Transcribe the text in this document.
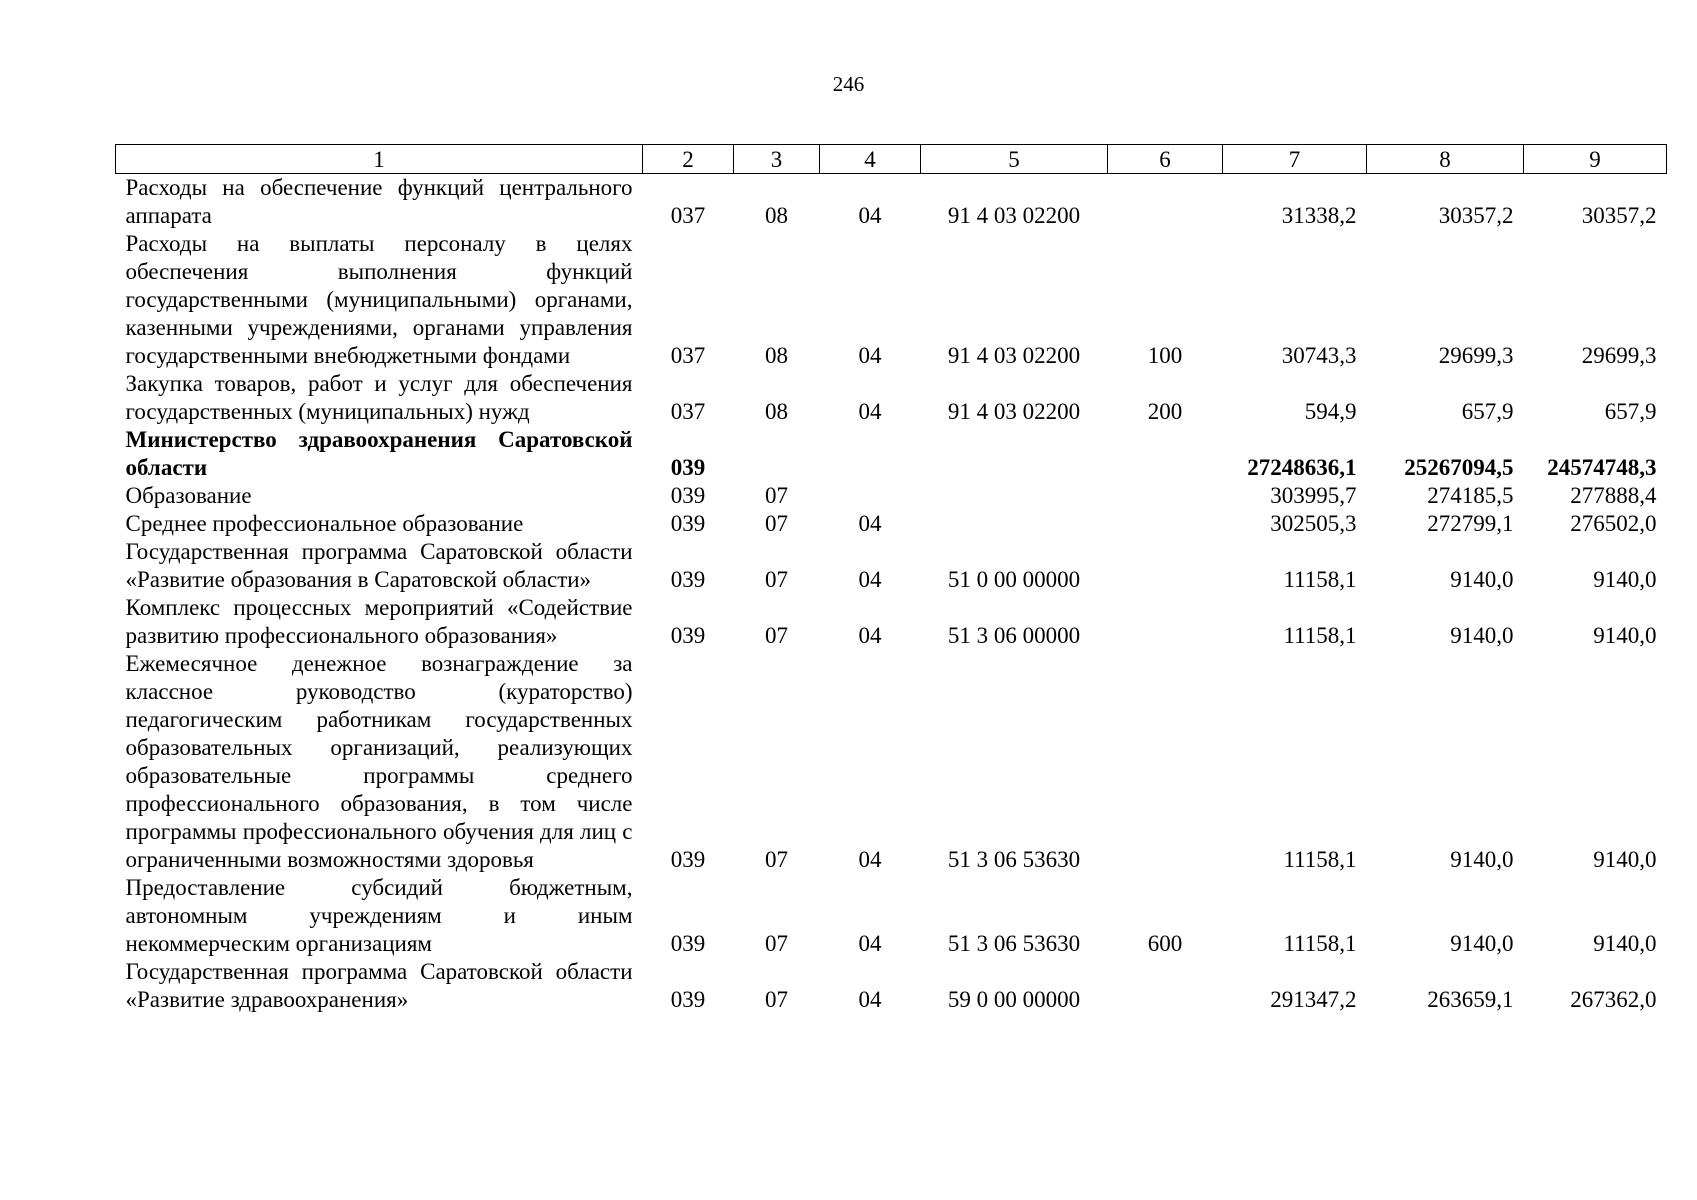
246
1	2	3	4	5	6	7	8	9
Расходы на обеспечение функций центрального аппарата	037	08	04	91 4 03 02200		31338,2	30357,2	30357,2
Расходы на выплаты персоналу в целях обеспечения выполнения функций государственными (муниципальными) органами, казенными учреждениями, органами управления государственными внебюджетными фондами	037	08	04	91 4 03 02200	100	30743,3	29699,3	29699,3
Закупка товаров, работ и услуг для обеспечения государственных (муниципальных) нужд	037	08	04	91 4 03 02200	200	594,9	657,9	657,9
Министерство здравоохранения Саратовской области	039					27248636,1	25267094,5	24574748,3
Образование	039	07				303995,7	274185,5	277888,4
Среднее профессиональное образование	039	07	04			302505,3	272799,1	276502,0
Государственная программа Саратовской области «Развитие образования в Саратовской области»	039	07	04	51 0 00 00000		11158,1	9140,0	9140,0
Комплекс процессных мероприятий «Содействие развитию профессионального образования»	039	07	04	51 3 06 00000		11158,1	9140,0	9140,0
Ежемесячное денежное вознаграждение за классное руководство (кураторство) педагогическим работникам государственных образовательных организаций, реализующих образовательные программы среднего профессионального образования, в том числе программы профессионального обучения для лиц с ограниченными возможностями здоровья	039	07	04	51 3 06 53630		11158,1	9140,0	9140,0
Предоставление субсидий бюджетным, автономным учреждениям и иным некоммерческим организациям	039	07	04	51 3 06 53630	600	11158,1	9140,0	9140,0
Государственная программа Саратовской области «Развитие здравоохранения»	039	07	04	59 0 00 00000		291347,2	263659,1	267362,0
